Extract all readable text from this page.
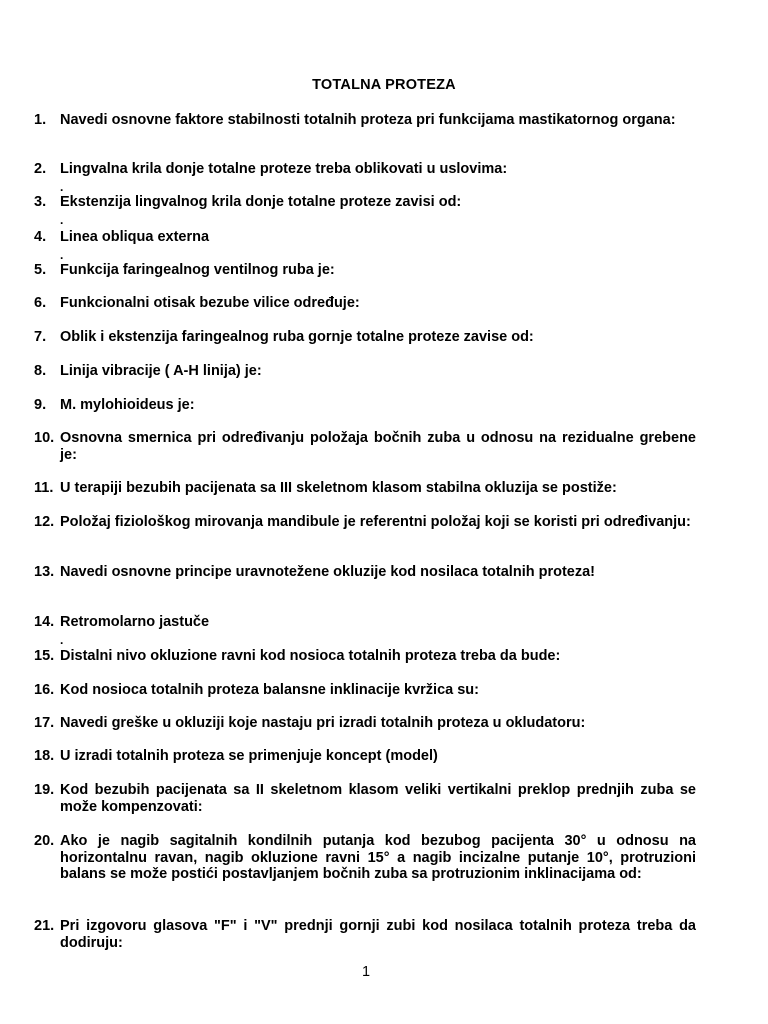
TOTALNA PROTEZA
1. Navedi osnovne faktore stabilnosti totalnih proteza pri funkcijama mastikatornog organa:
2. Lingvalna krila donje totalne proteze treba oblikovati u uslovima:
.
3. Ekstenzija lingvalnog krila donje totalne proteze zavisi od:
.
4. Linea obliqua externa
.
5. Funkcija faringealnog ventilnog ruba je:
6. Funkcionalni otisak bezube vilice određuje:
7. Oblik i ekstenzija faringealnog ruba gornje totalne proteze zavise od:
8. Linija vibracije ( A-H linija) je:
9. M. mylohioideus je:
10. Osnovna smernica pri određivanju položaja bočnih zuba u odnosu na rezidualne grebene je:
11. U terapiji bezubih pacijenata sa III skeletnom klasom stabilna okluzija se postiže:
12. Položaj fiziološkog mirovanja mandibule je referentni položaj koji se koristi pri određivanju:
13. Navedi osnovne principe uravnotežene okluzije kod nosilaca totalnih proteza!
14. Retromolarno jastuče
.
15. Distalni nivo okluzione ravni kod nosioca totalnih proteza treba da bude:
16. Kod nosioca totalnih proteza balansne inklinacije kvržica su:
17. Navedi greške u okluziji koje nastaju pri izradi totalnih proteza u okludatoru:
18. U izradi totalnih proteza se primenjuje koncept (model)
19. Kod bezubih pacijenata sa II skeletnom klasom veliki vertikalni preklop prednjih zuba se može kompenzovati:
20. Ako je nagib sagitalnih kondilnih putanja kod bezubog pacijenta 30° u odnosu na horizontalnu ravan, nagib okluzione ravni 15° a nagib incizalne putanje 10°, protruzioni balans se može postići postavljanjem bočnih zuba sa protruzionim inklinacijama od:
21. Pri izgovoru glasova "F" i "V" prednji gornji zubi kod nosilaca totalnih proteza treba da dodiruju:
1
